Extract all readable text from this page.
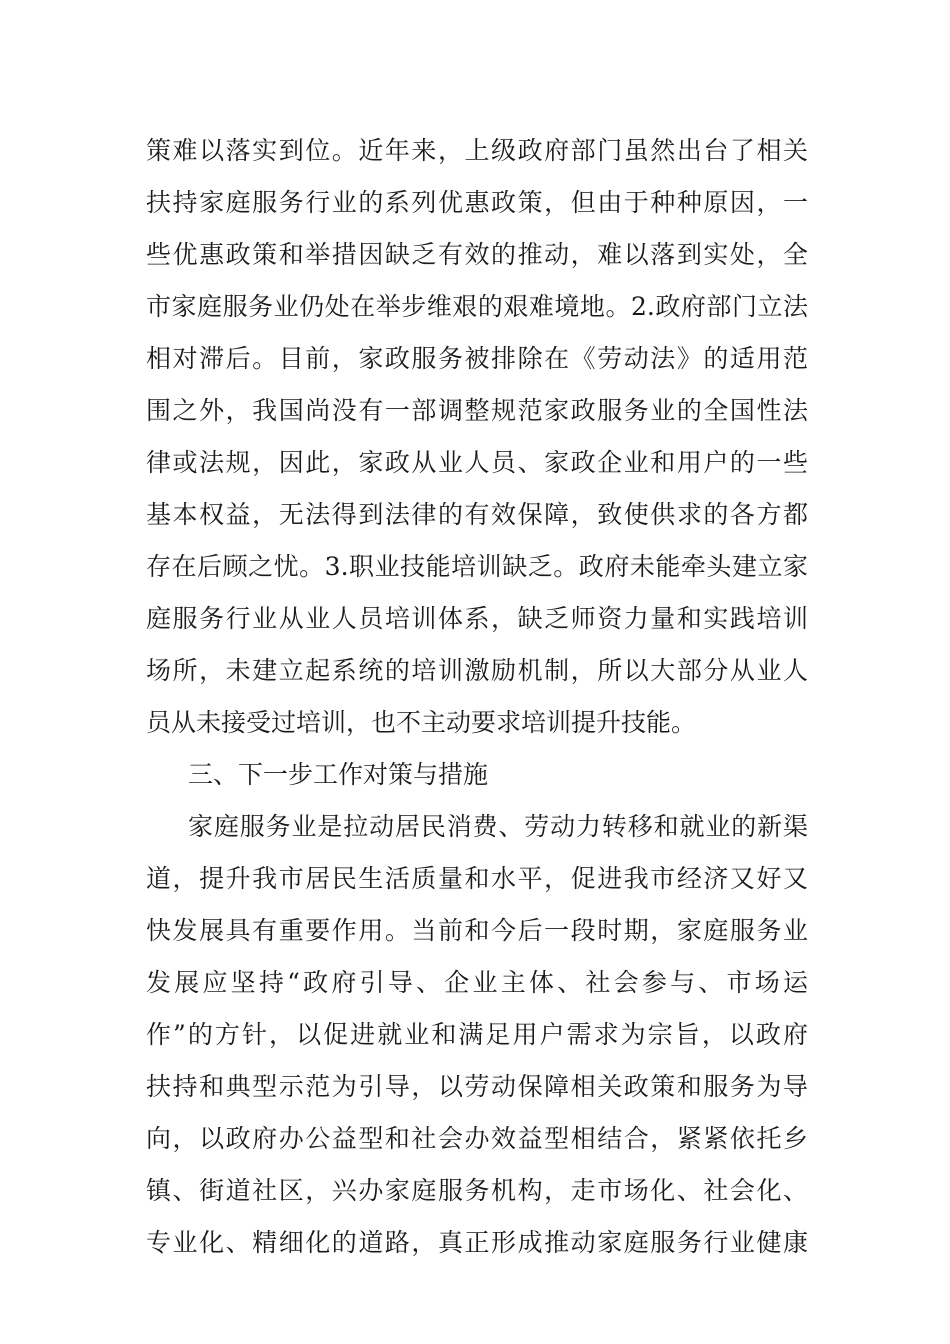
策难以落实到位。近年来，上级政府部门虽然出台了相关
扶持家庭服务行业的系列优惠政策，但由于种种原因，一
些优惠政策和举措因缺乏有效的推动，难以落到实处，全
市家庭服务业仍处在举步维艰的艰难境地。2.政府部门立法
相对滞后。目前，家政服务被排除在《劳动法》的适用范
围之外，我国尚没有一部调整规范家政服务业的全国性法
律或法规，因此，家政从业人员、家政企业和用户的一些
基本权益，无法得到法律的有效保障，致使供求的各方都
存在后顾之忧。3.职业技能培训缺乏。政府未能牵头建立家
庭服务行业从业人员培训体系，缺乏师资力量和实践培训
场所，未建立起系统的培训激励机制，所以大部分从业人
员从未接受过培训，也不主动要求培训提升技能。
三、下一步工作对策与措施
家庭服务业是拉动居民消费、劳动力转移和就业的新渠
道，提升我市居民生活质量和水平，促进我市经济又好又
快发展具有重要作用。当前和今后一段时期，家庭服务业
发展应坚持“政府引导、企业主体、社会参与、市场运
作”的方针，以促进就业和满足用户需求为宗旨，以政府
扶持和典型示范为引导，以劳动保障相关政策和服务为导
向，以政府办公益型和社会办效益型相结合，紧紧依托乡
镇、街道社区，兴办家庭服务机构，走市场化、社会化、
专业化、精细化的道路，真正形成推动家庭服务行业健康
